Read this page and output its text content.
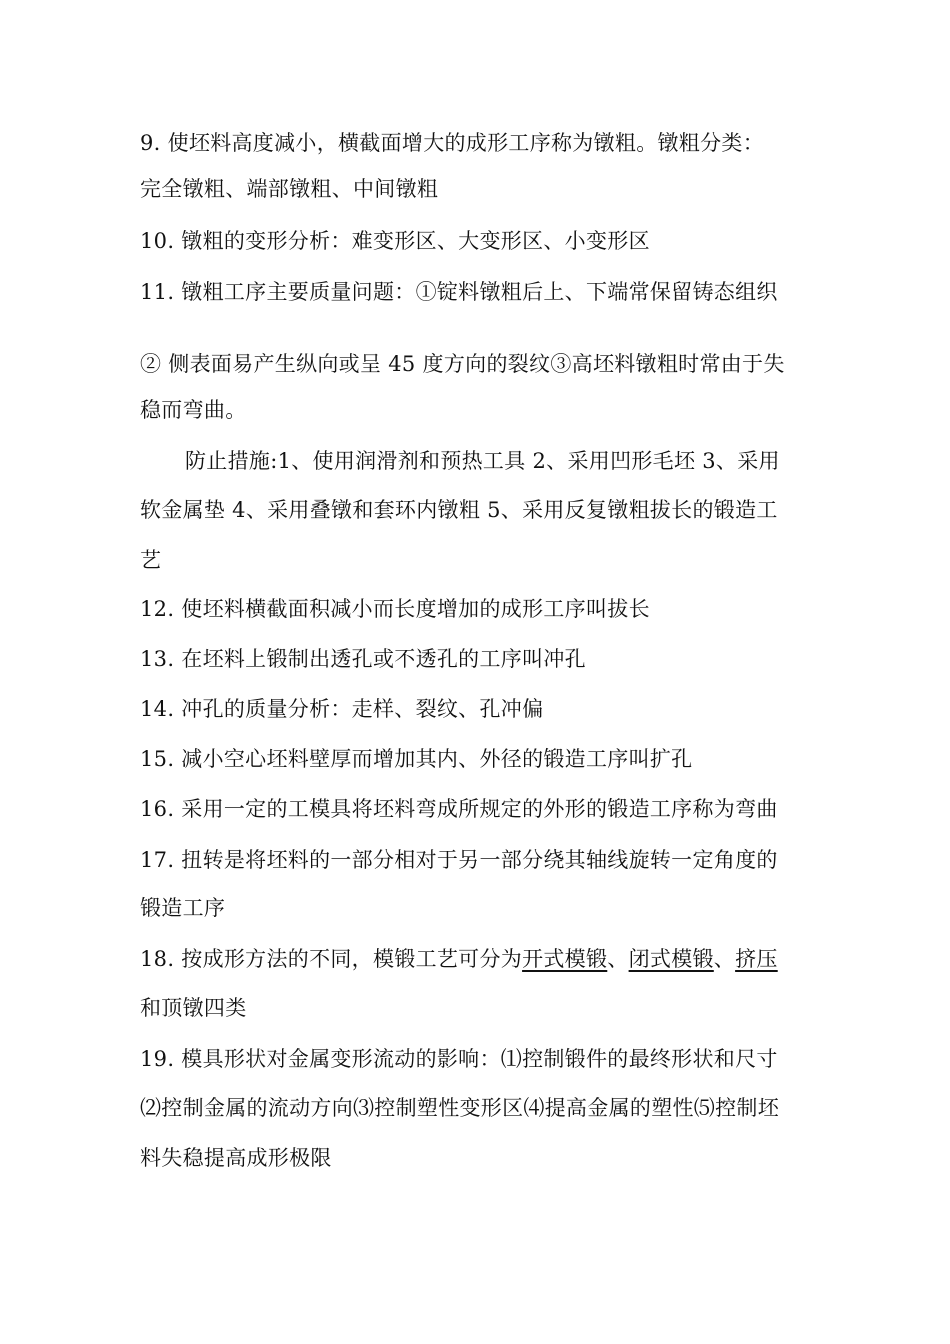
9. 使坯料高度减小，横截面增大的成形工序称为镦粗。镦粗分类：
完全镦粗、端部镦粗、中间镦粗
10. 镦粗的变形分析：难变形区、大变形区、小变形区
11. 镦粗工序主要质量问题：①锭料镦粗后上、下端常保留铸态组织
② 侧表面易产生纵向或呈 45 度方向的裂纹③高坯料镦粗时常由于失
稳而弯曲。
防止措施:1、使用润滑剂和预热工具 2、采用凹形毛坯 3、采用
软金属垫 4、采用叠镦和套环内镦粗 5、采用反复镦粗拔长的锻造工
艺
12. 使坯料横截面积减小而长度增加的成形工序叫拔长
13. 在坯料上锻制出透孔或不透孔的工序叫冲孔
14. 冲孔的质量分析：走样、裂纹、孔冲偏
15. 减小空心坯料壁厚而增加其内、外径的锻造工序叫扩孔
16. 采用一定的工模具将坯料弯成所规定的外形的锻造工序称为弯曲
17. 扭转是将坯料的一部分相对于另一部分绕其轴线旋转一定角度的
锻造工序
18. 按成形方法的不同，模锻工艺可分为开式模锻、闭式模锻、挤压
和顶镦四类
19. 模具形状对金属变形流动的影响：⑴控制锻件的最终形状和尺寸
⑵控制金属的流动方向⑶控制塑性变形区⑷提高金属的塑性⑸控制坯
料失稳提高成形极限
